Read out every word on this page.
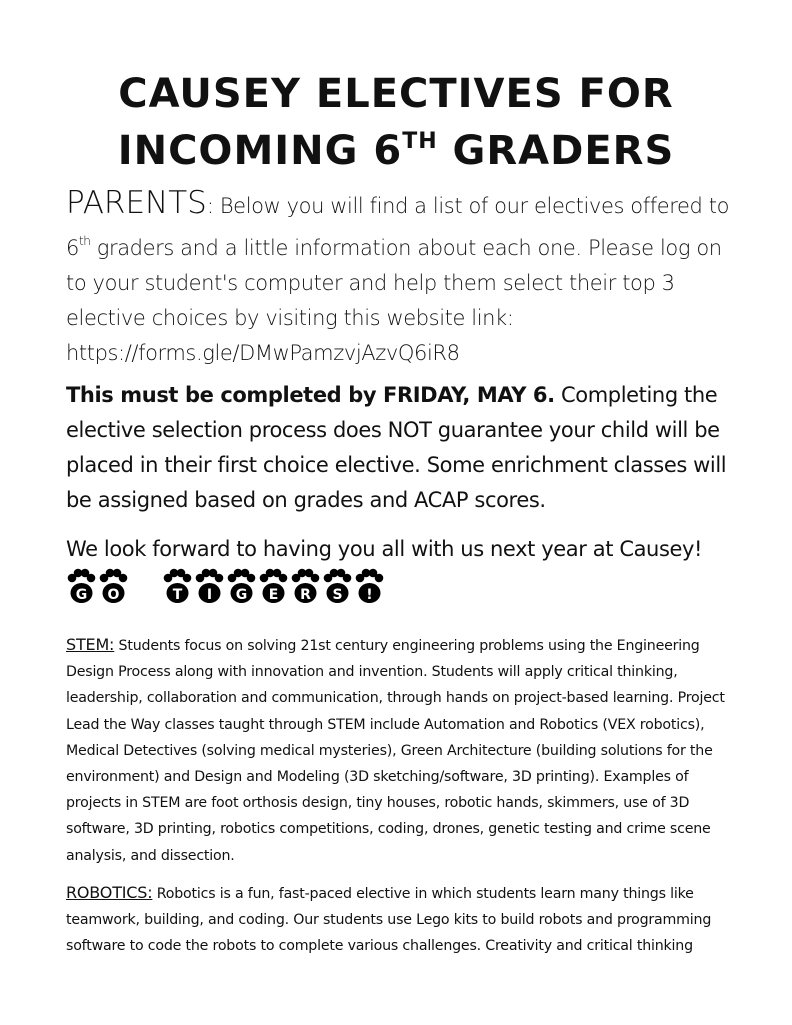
CAUSEY ELECTIVES FOR
INCOMING 6TH GRADERS
PARENTS: Below you will find a list of our electives offered to 6th graders and a little information about each one. Please log on to your student's computer and help them select their top 3 elective choices by visiting this website link:
https://forms.gle/DMwPamzvjAzvQ6iR8
This must be completed by FRIDAY, MAY 6. Completing the elective selection process does NOT guarantee your child will be placed in their first choice elective. Some enrichment classes will be assigned based on grades and ACAP scores.
We look forward to having you all with us next year at Causey!
G O	T I G E R S !
STEM: Students focus on solving 21st century engineering problems using the Engineering Design Process along with innovation and invention. Students will apply critical thinking, leadership, collaboration and communication, through hands on project-based learning. Project Lead the Way classes taught through STEM include Automation and Robotics (VEX robotics), Medical Detectives (solving medical mysteries), Green Architecture (building solutions for the environment) and Design and Modeling (3D sketching/software, 3D printing). Examples of projects in STEM are foot orthosis design, tiny houses, robotic hands, skimmers, use of 3D software, 3D printing, robotics competitions, coding, drones, genetic testing and crime scene analysis, and dissection.
ROBOTICS: Robotics is a fun, fast-paced elective in which students learn many things like teamwork, building, and coding. Our students use Lego kits to build robots and programming software to code the robots to complete various challenges. Creativity and critical thinking
